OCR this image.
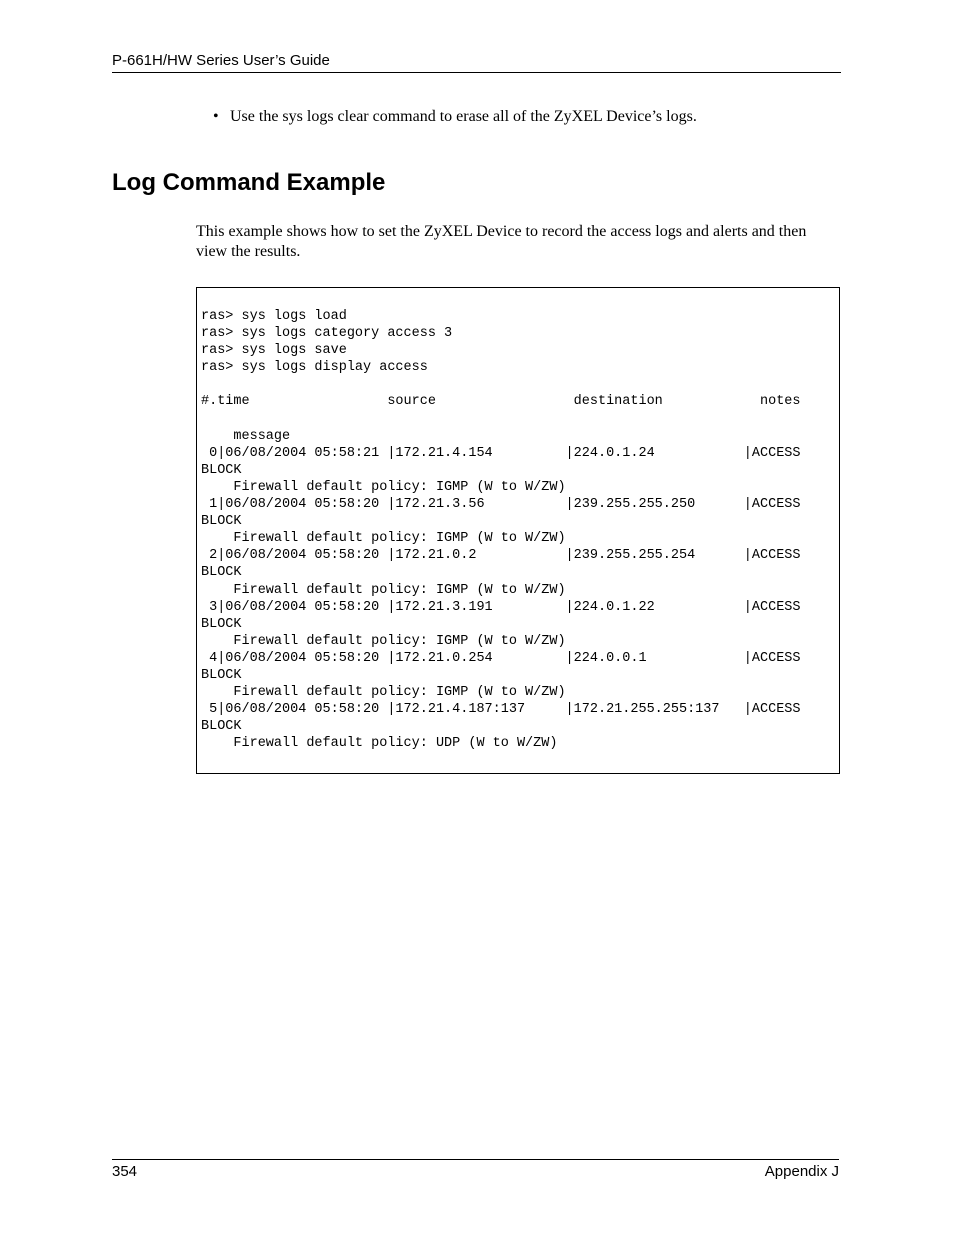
P-661H/HW Series User’s Guide
• Use the sys logs clear command to erase all of the ZyXEL Device’s logs.
Log Command Example

This example shows how to set the ZyXEL Device to record the access logs and alerts and then view the results.

ras> sys logs load
ras> sys logs category access 3
ras> sys logs save
ras> sys logs display access

#.time                 source                 destination            notes

message
0|06/08/2004 05:58:21 |172.21.4.154         |224.0.1.24           |ACCESS
BLOCK
Firewall default policy: IGMP (W to W/ZW)
1|06/08/2004 05:58:20 |172.21.3.56          |239.255.255.250      |ACCESS
BLOCK
Firewall default policy: IGMP (W to W/ZW)
2|06/08/2004 05:58:20 |172.21.0.2           |239.255.255.254      |ACCESS
BLOCK
Firewall default policy: IGMP (W to W/ZW)
3|06/08/2004 05:58:20 |172.21.3.191         |224.0.1.22           |ACCESS
BLOCK
Firewall default policy: IGMP (W to W/ZW)
4|06/08/2004 05:58:20 |172.21.0.254         |224.0.0.1            |ACCESS
BLOCK
Firewall default policy: IGMP (W to W/ZW)
5|06/08/2004 05:58:20 |172.21.4.187:137     |172.21.255.255:137   |ACCESS
BLOCK
Firewall default policy: UDP (W to W/ZW)
354	Appendix J
